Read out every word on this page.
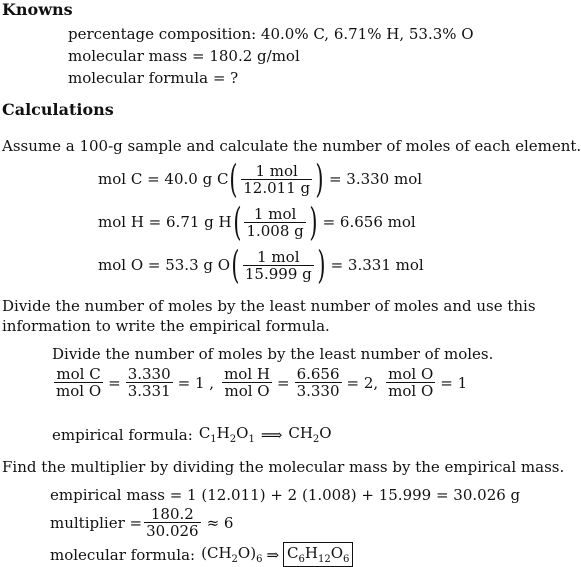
Knowns
percentage composition: 40.0% C, 6.71% H, 53.3% O
molecular mass = 180.2 g/mol
molecular formula = ?
Calculations
Assume a 100-g sample and calculate the number of moles of each element.
mol C = 40.0 g C ( $\frac{\text{1 mol}}{12.011 g}$ ) = 3.330 mol
mol H = 6.71 g H ( $\frac{\text{1 mol}}{1.008 g}$ ) = 6.656 mol
mol O = 53.3 g O ( $\frac{\text{1 mol}}{15.999 g}$ ) = 3.331 mol
Divide the number of moles by the least number of moles and use this
information to write the empirical formula.
Divide the number of moles by the least number of moles.
$\frac{\text{mol C}}{\text{mol O}} = \frac{3.330}{3.331} = 1$ , $\frac{\text{mol H}}{\text{mol O}} = \frac{6.656}{3.330} = 2$, $\frac{\text{mol O}}{\text{mol O}} = 1$
empirical formula: $C_1H_2O_1$ ⟹ $CH_2O$
Find the multiplier by dividing the molecular mass by the empirical mass.
empirical mass = 1 (12.011) + 2 (1.008) + 15.999 = 30.026 g
multiplier = $\frac{180.2}{30.026} \approx 6$
molecular formula: $(CH_2O)_6$ ⇒ $C_6H_{12}O_6$
